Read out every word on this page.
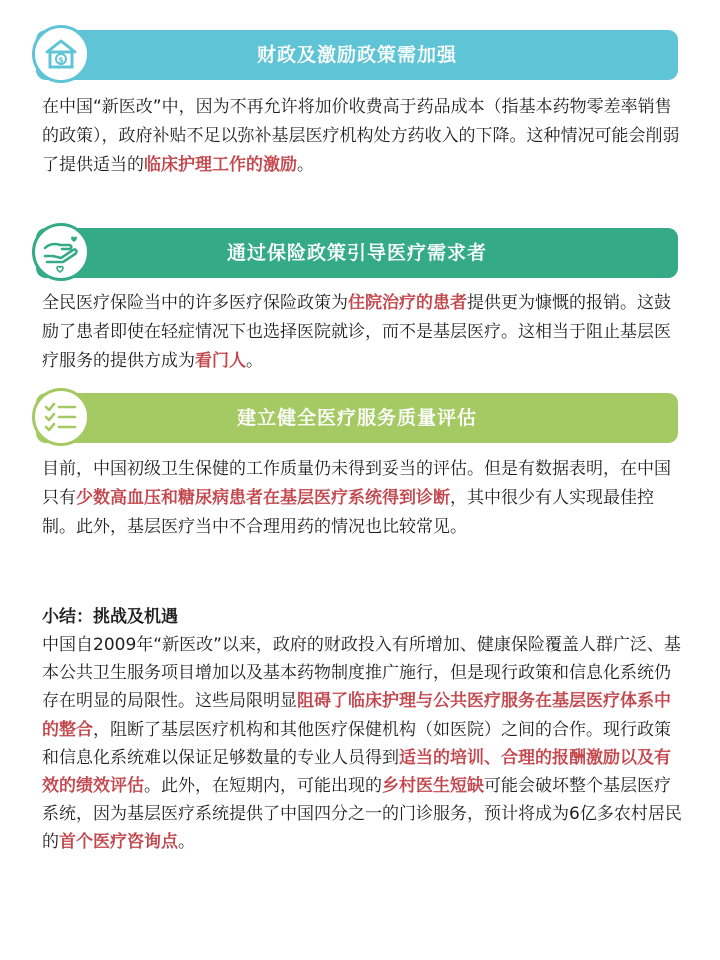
$	财政及激励政策需加强

在中国“新医改”中，因为不再允许将加价收费高于药品成本（指基本药物零差率销售的政策），政府补贴不足以弥补基层医疗机构处方药收入的下降。这种情况可能会削弱了提供适当的临床护理工作的激励。

通过保险政策引导医疗需求者

全民医疗保险当中的许多医疗保险政策为住院治疗的患者提供更为慷慨的报销。这鼓励了患者即使在轻症情况下也选择医院就诊，而不是基层医疗。这相当于阻止基层医疗服务的提供方成为看门人。

建立健全医疗服务质量评估

目前，中国初级卫生保健的工作质量仍未得到妥当的评估。但是有数据表明，在中国只有少数高血压和糖尿病患者在基层医疗系统得到诊断，其中很少有人实现最佳控制。此外，基层医疗当中不合理用药的情况也比较常见。

小结：挑战及机遇

中国自2009年“新医改”以来，政府的财政投入有所增加、健康保险覆盖人群广泛、基本公共卫生服务项目增加以及基本药物制度推广施行，但是现行政策和信息化系统仍存在明显的局限性。这些局限明显阻碍了临床护理与公共医疗服务在基层医疗体系中的整合，阻断了基层医疗机构和其他医疗保健机构（如医院）之间的合作。现行政策和信息化系统难以保证足够数量的专业人员得到适当的培训、合理的报酬激励以及有效的绩效评估。此外，在短期内，可能出现的乡村医生短缺可能会破坏整个基层医疗系统，因为基层医疗系统提供了中国四分之一的门诊服务，预计将成为6亿多农村居民的首个医疗咨询点。
